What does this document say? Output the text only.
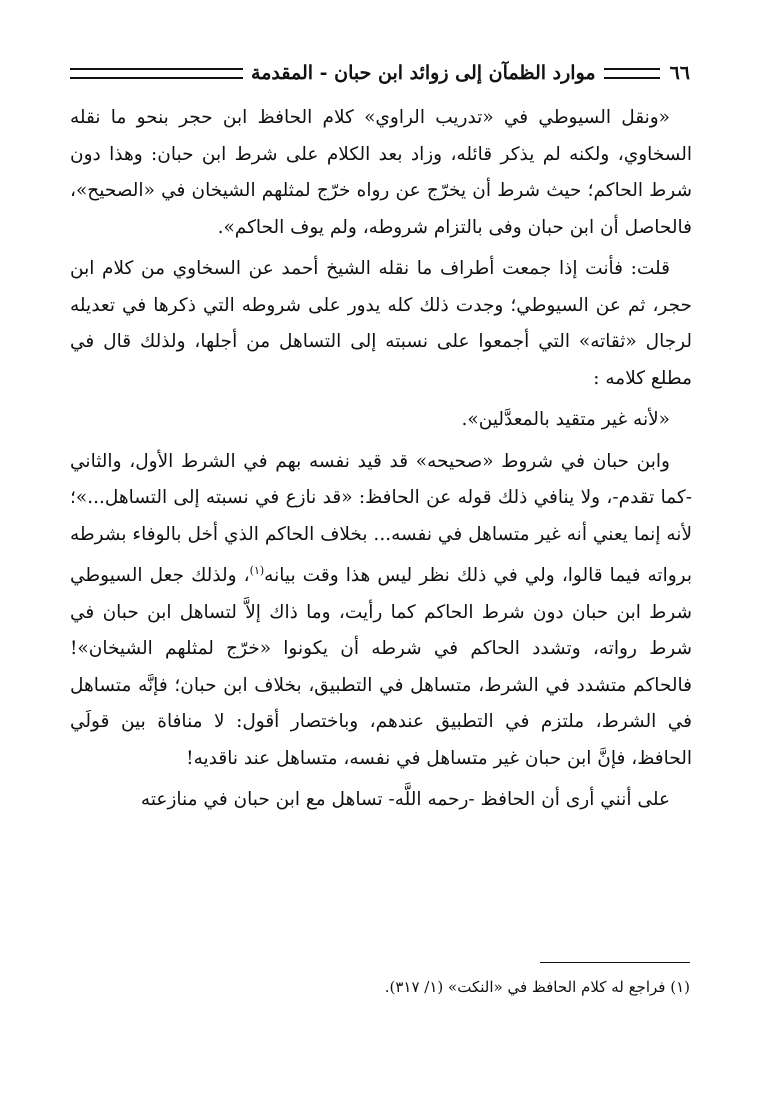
٦٦
موارد الظمآن إلى زوائد ابن حبان - المقدمة

«ونقل السيوطي في «تدريب الراوي» كلام الحافظ ابن حجر بنحو ما نقله السخاوي، ولكنه لم يذكر قائله، وزاد بعد الكلام على شرط ابن حبان: وهذا دون شرط الحاكم؛ حيث شرط أن يخرّج عن رواه خرّج لمثلهم الشيخان في «الصحيح»، فالحاصل أن ابن حبان وفى بالتزام شروطه، ولم يوف الحاكم».

قلت: فأنت إذا جمعت أطراف ما نقله الشيخ أحمد عن السخاوي من كلام ابن حجر، ثم عن السيوطي؛ وجدت ذلك كله يدور على شروطه التي ذكرها في تعديله لرجال «ثقاته» التي أجمعوا على نسبته إلى التساهل من أجلها، ولذلك قال في مطلع كلامه :

«لأنه غير متقيد بالمعدَّلين».

وابن حبان في شروط «صحيحه» قد قيد نفسه بهم في الشرط الأول، والثاني -كما تقدم-، ولا ينافي ذلك قوله عن الحافظ: «قد نازع في نسبته إلى التساهل...»؛ لأنه إنما يعني أنه غير متساهل في نفسه... بخلاف الحاكم الذي أخل بالوفاء بشرطه برواته فيما قالوا، ولي في ذلك نظر ليس هذا وقت بيانه$^{(١)}$، ولذلك جعل السيوطي شرط ابن حبان دون شرط الحاكم كما رأيت، وما ذاك إلاَّ لتساهل ابن حبان في شرط رواته، وتشدد الحاكم في شرطه أن يكونوا «خرّج لمثلهم الشيخان»! فالحاكم متشدد في الشرط، متساهل في التطبيق، بخلاف ابن حبان؛ فإنَّه متساهل في الشرط، ملتزم في التطبيق عندهم، وباختصار أقول: لا منافاة بين قولَي الحافظ، فإنَّ ابن حبان غير متساهل في نفسه، متساهل عند ناقديه!

على أنني أرى أن الحافظ -رحمه اللَّه- تساهل مع ابن حبان في منازعته

(١) فراجع له كلام الحافظ في «النكت» (١/ ٣١٧).
